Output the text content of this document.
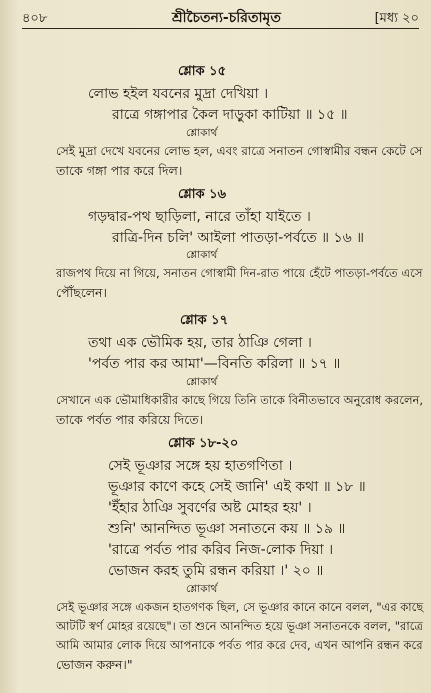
৪০৮	শ্রীচৈতন্য-চরিতামৃত	[মধ্য ২০
শ্লোক ১৫
লোভ হইল যবনের মুদ্রা দেখিয়া ।
রাত্রে গঙ্গাপার কৈল দাড়ুকা কাটিয়া ॥ ১৫ ॥
শ্লোকার্থ
সেই মুদ্রা দেখে যবনের লোভ হল, এবং রাত্রে সনাতন গোস্বামীর বন্ধন কেটে সে
তাকে গঙ্গা পার করে দিল।
শ্লোক ১৬
গড়দ্বার-পথ ছাড়িলা, নারে তাঁহা যাইতে ।
রাত্রি-দিন চলি' আইলা পাতড়া-পর্বতে ॥ ১৬ ॥
শ্লোকার্থ
রাজপথ দিয়ে না গিয়ে, সনাতন গোস্বামী দিন-রাত পায়ে হেঁটে পাতড়া-পর্বতে এসে
পৌঁছলেন।
শ্লোক ১৭
তথা এক ভৌমিক হয়, তার ঠাঞি গেলা ।
'পর্বত পার কর আমা'—বিনতি করিলা ॥ ১৭ ॥
শ্লোকার্থ
সেখানে এক ভৌমাধিকারীর কাছে গিয়ে তিনি তাকে বিনীতভাবে অনুরোধ করলেন,
তাকে পর্বত পার করিয়ে দিতে।
শ্লোক ১৮-২০
সেই ভূঞার সঙ্গে হয় হাতগণিতা ।
ভূঞার কাণে কহে সেই জানি' এই কথা ॥ ১৮ ॥
'ইঁহার ঠাঞি সুবর্ণের অষ্ট মোহর হয়' ।
শুনি' আনন্দিত ভূঞা সনাতনে কয় ॥ ১৯ ॥
'রাত্রে পর্বত পার করিব নিজ-লোক দিয়া ।
ভোজন করহ তুমি রন্ধন করিয়া ।' ২০ ॥
শ্লোকার্থ
সেই ভূঞার সঙ্গে একজন হাতগণক ছিল, সে ভূঞার কানে কানে বলল, "এর কাছে
আটটি স্বর্ণ মোহর রয়েছে"। তা শুনে আনন্দিত হয়ে ভূঞা সনাতনকে বলল, "রাত্রে
আমি আমার লোক দিয়ে আপনাকে পর্বত পার করে দেব, এখন আপনি রন্ধন করে
ভোজন করুন।"
